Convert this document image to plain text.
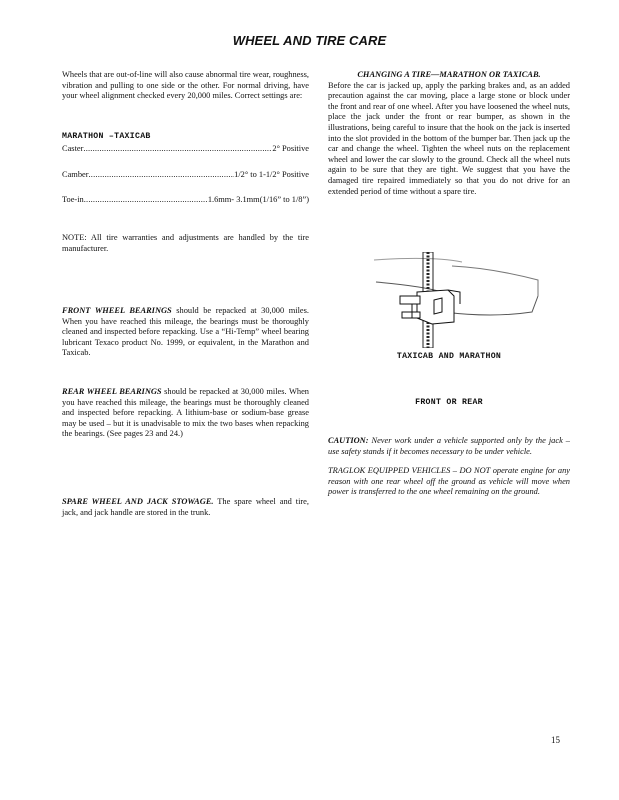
WHEEL AND TIRE CARE

Wheels that are out-of-line will also cause abnormal tire wear, roughness, vibration and pulling to one side or the other. For normal driving, have your wheel alignment checked every 20,000 miles. Correct settings are:

MARATHON –TAXICAB
Caster .....	2° Positive
Camber .....	1/2° to 1-1/2° Positive
Toe-in .....	1.6mm- 3.1mm(1/16” to 1/8”)

NOTE: All tire warranties and adjustments are handled by the tire manufacturer.

FRONT WHEEL BEARINGS should be repacked at 30,000 miles. When you have reached this mileage, the bearings must be thoroughly cleaned and inspected before repacking. Use a “Hi-Temp” wheel bearing lubricant Texaco product No. 1999, or equivalent, in the Marathon and Taxicab.

REAR WHEEL BEARINGS should be repacked at 30,000 miles. When you have reached this mileage, the bearings must be thoroughly cleaned and inspected before repacking. A lithium-base or sodium-base grease may be used – but it is unadvisable to mix the two bases when repacking the bearings. (See pages 23 and 24.)

SPARE WHEEL AND JACK STOWAGE. The spare wheel and tire, jack, and jack handle are stored in the trunk.

CHANGING A TIRE—MARATHON OR TAXICAB.

Before the car is jacked up, apply the parking brakes and, as an added precaution against the car moving, place a large stone or block under the front and rear of one wheel. After you have loosened the wheel nuts, place the jack under the front or rear bumper, as shown in the illustrations, being careful to insure that the hook on the jack is inserted into the slot provided in the bottom of the bumper bar. Then jack up the car and change the wheel. Tighten the wheel nuts on the replacement wheel and lower the car slowly to the ground. Check all the wheel nuts again to be sure that they are tight. We suggest that you have the damaged tire repaired immediately so that you do not drive for an extended period of time without a spare tire.

TAXICAB AND MARATHON
FRONT OR REAR

CAUTION: Never work under a vehicle supported only by the jack –use safety stands if it becomes necessary to be under vehicle.

TRAGLOK EQUIPPED VEHICLES – DO NOT operate engine for any reason with one rear wheel off the ground as vehicle will move when power is transferred to the one wheel remaining on the ground.

15
